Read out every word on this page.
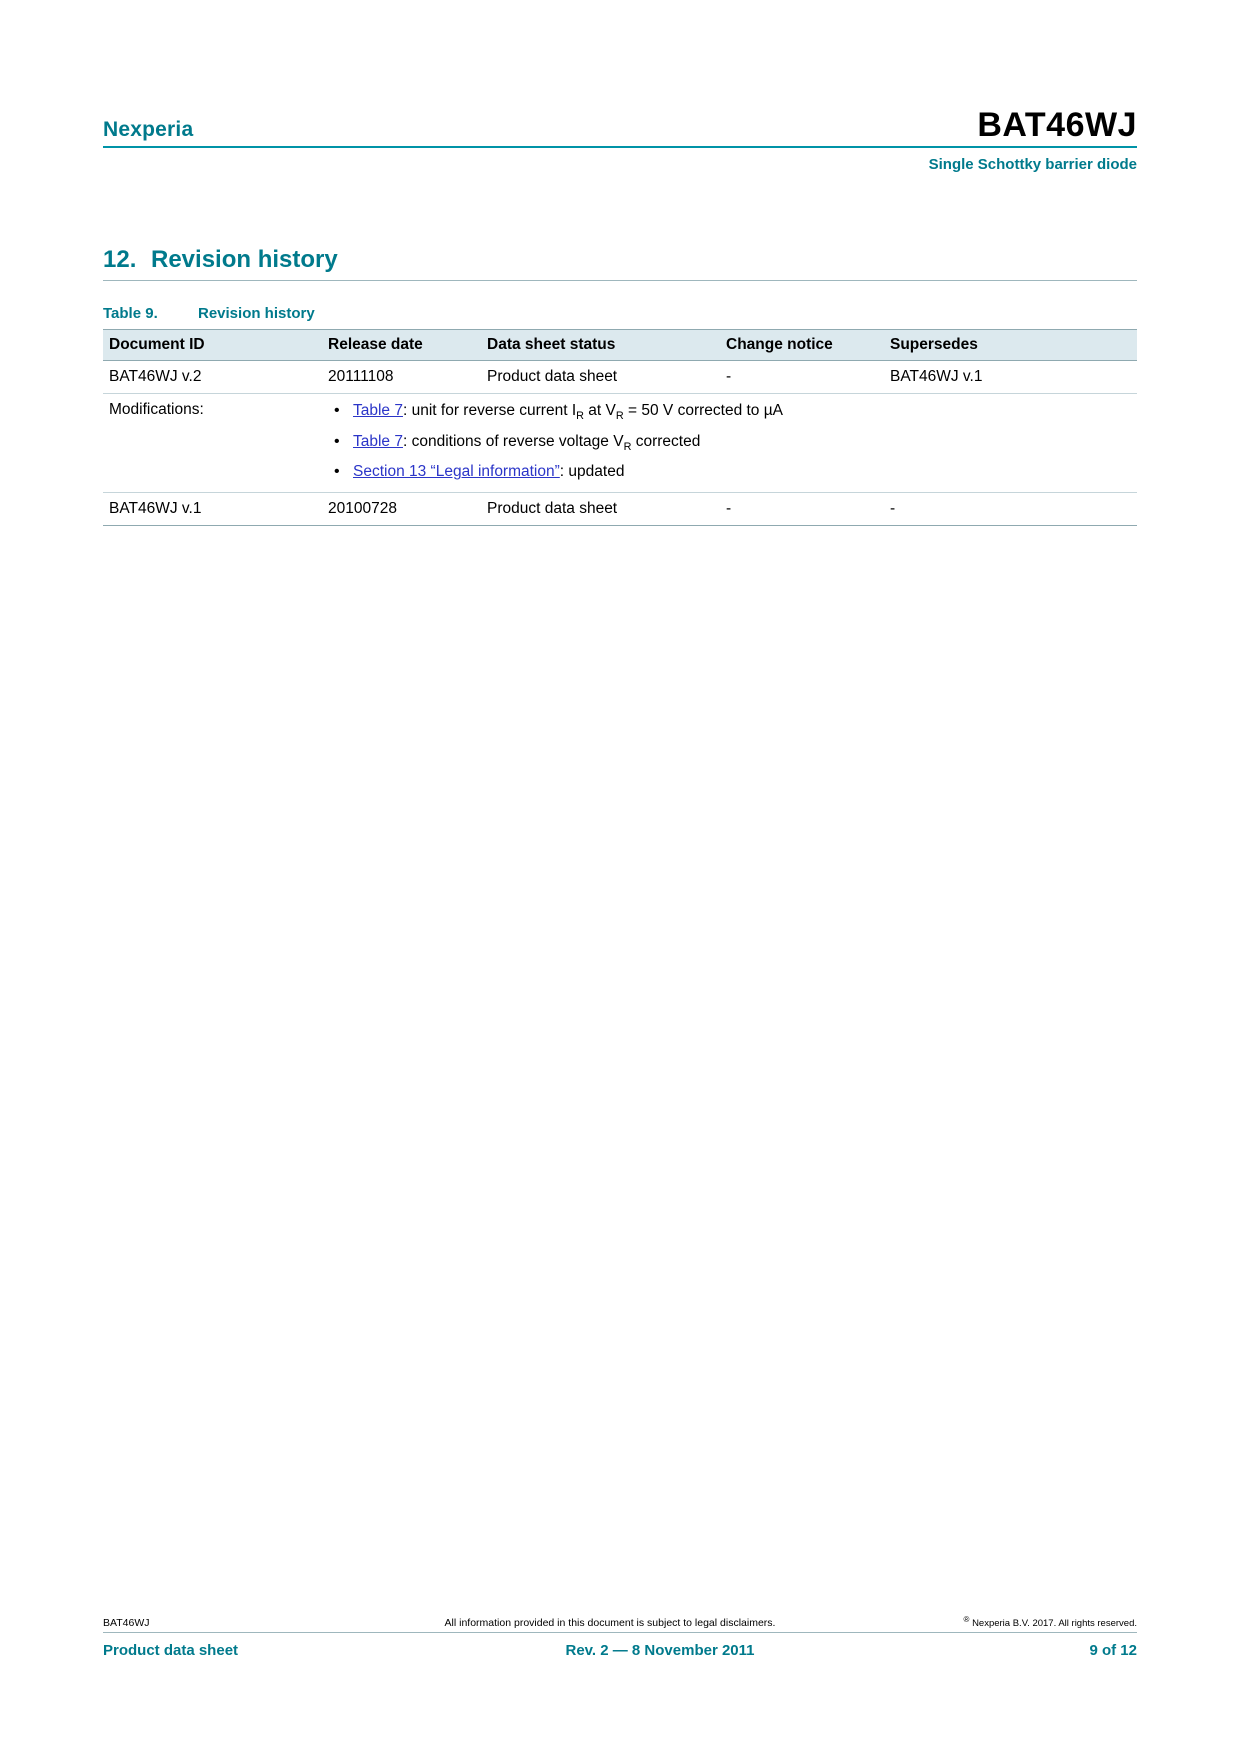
Nexperia	BAT46WJ
Single Schottky barrier diode
12. Revision history
Table 9.	Revision history
Document ID	Release date	Data sheet status	Change notice	Supersedes
BAT46WJ v.2	20111108	Product data sheet	-	BAT46WJ v.1
Modifications:	
•Table 7: unit for reverse current $I_R$ at $V_R = 50$ V corrected to µA
• Table 7: conditions of reverse voltage $V_R$ corrected
• Section 13 “Legal information”: updated

BAT46WJ v.1	20100728	Product data sheet	-	-
BAT46WJ	All information provided in this document is subject to legal disclaimers.	® Nexperia B.V. 2017. All rights reserved.
Product data sheet	Rev. 2 — 8 November 2011	9 of 12
